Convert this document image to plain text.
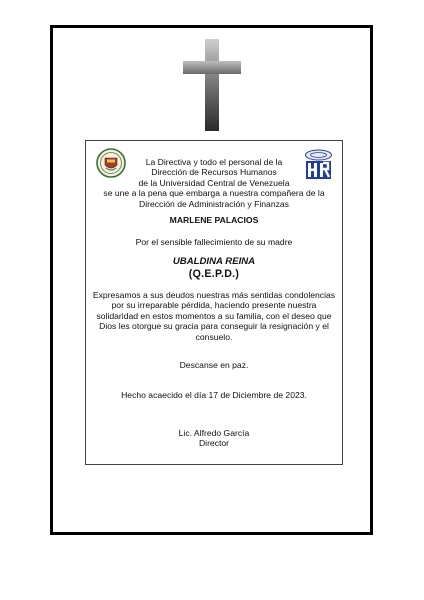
La Directiva y todo el personal de la
Dirección de Recursos Humanos
de la Universidad Central de Venezuela
se une a la pena que embarga a nuestra compañera de la
Dirección de Administración y Finanzas
MARLENE PALACIOS
Por el sensible fallecimiento de su madre
UBALDINA REINA
(Q.E.P.D.)
Expresamos a sus deudos nuestras más sentidas condolencias
por su irreparable pérdida, haciendo presente nuestra
solidaridad en estos momentos a su familia, con el deseo que
Dios les otorgue su gracia para conseguir la resignación y el
consuelo.
Descanse en paz.
Hecho acaecido el día 17 de Diciembre de 2023.
Lic. Alfredo García
Director
